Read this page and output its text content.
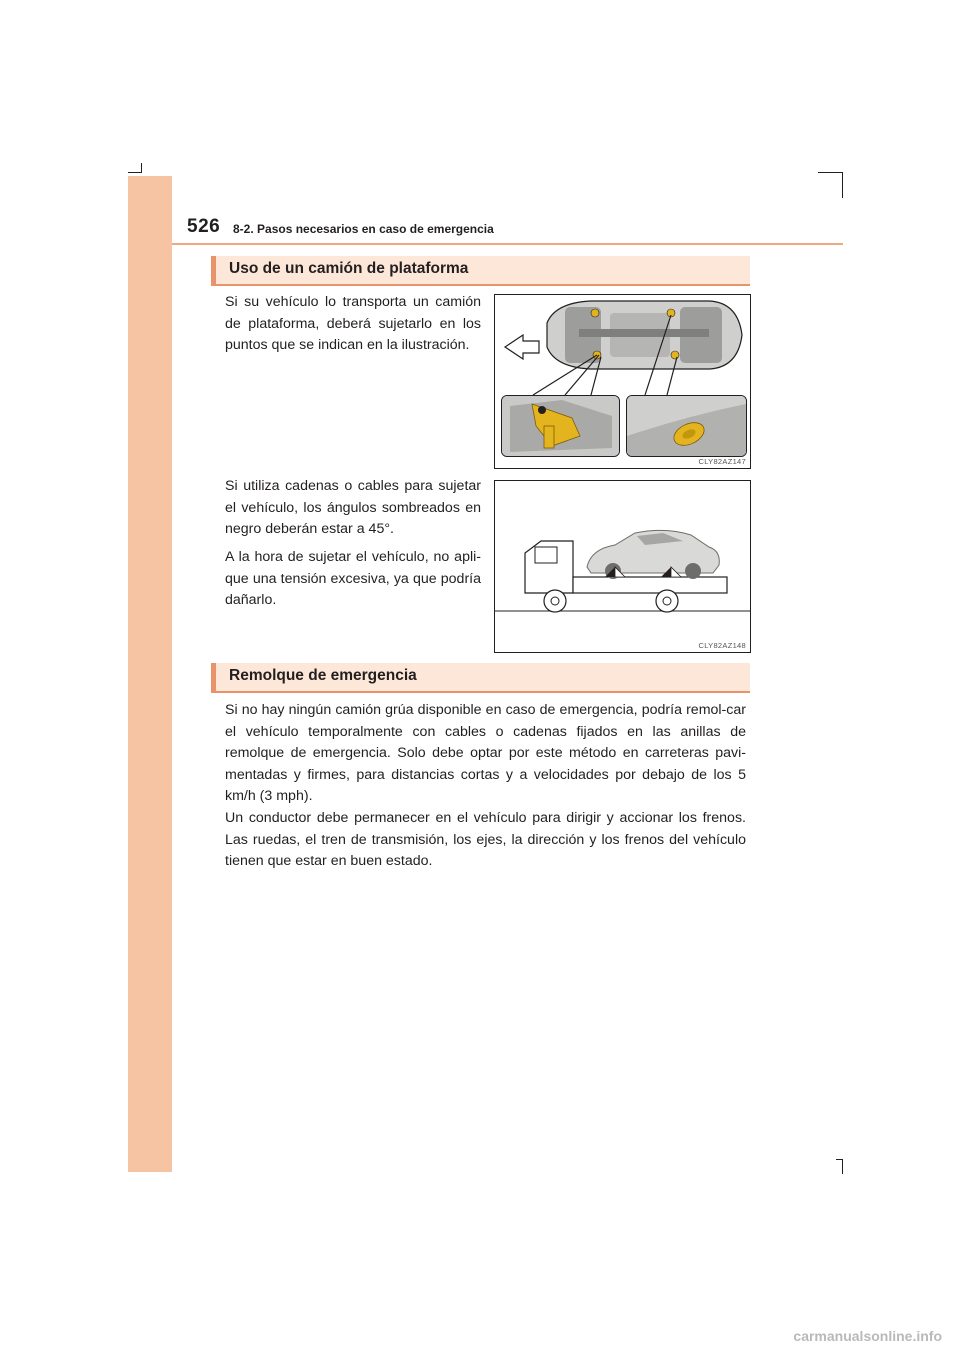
526 8-2. Pasos necesarios en caso de emergencia
Uso de un camión de plataforma
Si su vehículo lo transporta un camión de plataforma, deberá sujetarlo en los puntos que se indican en la ilustración.
Si utiliza cadenas o cables para sujetar el vehículo, los ángulos sombreados en negro deberán estar a 45°.
A la hora de sujetar el vehículo, no apli-que una tensión excesiva, ya que podría dañarlo.
CLY82AZ147
CLY82AZ148
Remolque de emergencia
Si no hay ningún camión grúa disponible en caso de emergencia, podría remol-car el vehículo temporalmente con cables o cadenas fijados en las anillas de remolque de emergencia. Solo debe optar por este método en carreteras pavi-mentadas y firmes, para distancias cortas y a velocidades por debajo de los 5 km/h (3 mph).
Un conductor debe permanecer en el vehículo para dirigir y accionar los frenos. Las ruedas, el tren de transmisión, los ejes, la dirección y los frenos del vehículo tienen que estar en buen estado.
carmanualsonline.info
